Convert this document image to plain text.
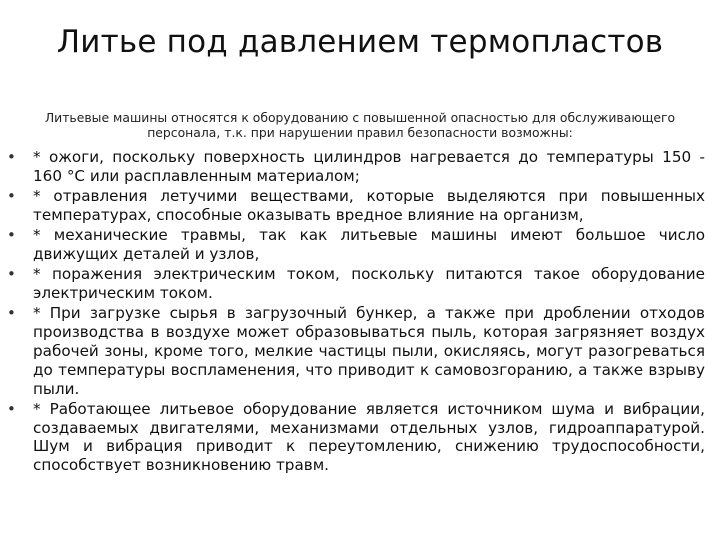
Литье под давлением термопластов
Литьевые машины относятся к оборудованию с повышенной опасностью для обслуживающего персонала, т.к. при нарушении правил безопасности возможны:
• * ожоги, поскольку поверхность цилиндров нагревается до температуры 150 - 160 °С или расплавленным материалом;
• * отравления летучими веществами, которые выделяются при повышенных температурах, способные оказывать вредное влияние на организм,
• * механические травмы, так как литьевые машины имеют большое число движущих деталей и узлов,
• * поражения электрическим током, поскольку питаются такое оборудование электрическим током.
• * При загрузке сырья в загрузочный бункер, а также при дроблении отходов производства в воздухе может образовываться пыль, которая загрязняет воздух рабочей зоны, кроме того, мелкие частицы пыли, окисляясь, могут разогреваться до температуры воспламенения, что приводит к самовозгоранию, а также взрыву пыли.
• * Работающее литьевое оборудование является источником шума и вибрации, создаваемых двигателями, механизмами отдельных узлов, гидроаппаратурой. Шум и вибрация приводит к переутомлению, снижению трудоспособности, способствует возникновению травм.
